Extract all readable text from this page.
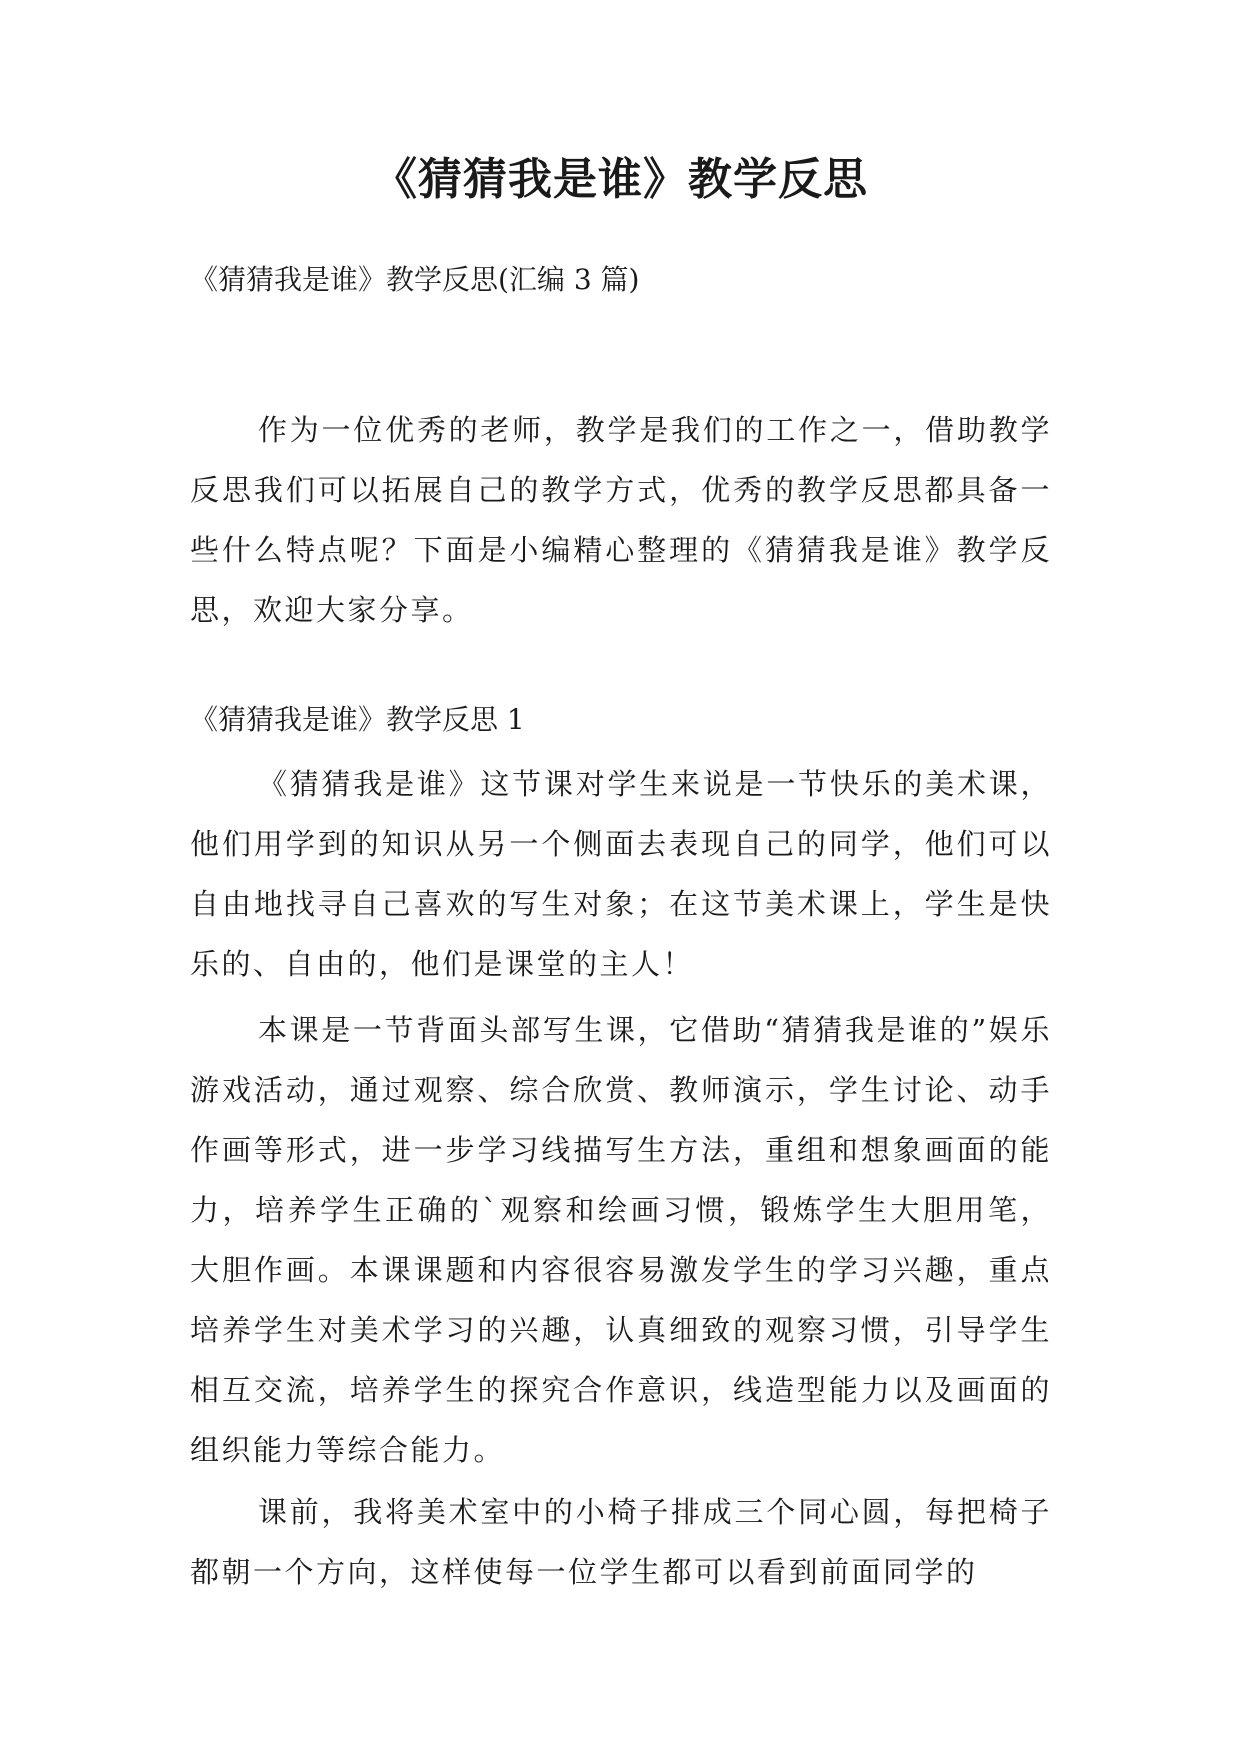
《猜猜我是谁》教学反思

《猜猜我是谁》教学反思(汇编 3 篇)

作为一位优秀的老师，教学是我们的工作之一，借助教学反思我们可以拓展自己的教学方式，优秀的教学反思都具备一些什么特点呢？下面是小编精心整理的《猜猜我是谁》教学反思，欢迎大家分享。

《猜猜我是谁》教学反思 1

《猜猜我是谁》这节课对学生来说是一节快乐的美术课，他们用学到的知识从另一个侧面去表现自己的同学，他们可以自由地找寻自己喜欢的写生对象；在这节美术课上，学生是快乐的、自由的，他们是课堂的主人！

本课是一节背面头部写生课，它借助“猜猜我是谁的”娱乐游戏活动，通过观察、综合欣赏、教师演示，学生讨论、动手作画等形式，进一步学习线描写生方法，重组和想象画面的能力，培养学生正确的`观察和绘画习惯，锻炼学生大胆用笔，大胆作画。本课课题和内容很容易激发学生的学习兴趣，重点培养学生对美术学习的兴趣，认真细致的观察习惯，引导学生相互交流，培养学生的探究合作意识，线造型能力以及画面的组织能力等综合能力。

课前，我将美术室中的小椅子排成三个同心圆，每把椅子都朝一个方向，这样使每一位学生都可以看到前面同学的
